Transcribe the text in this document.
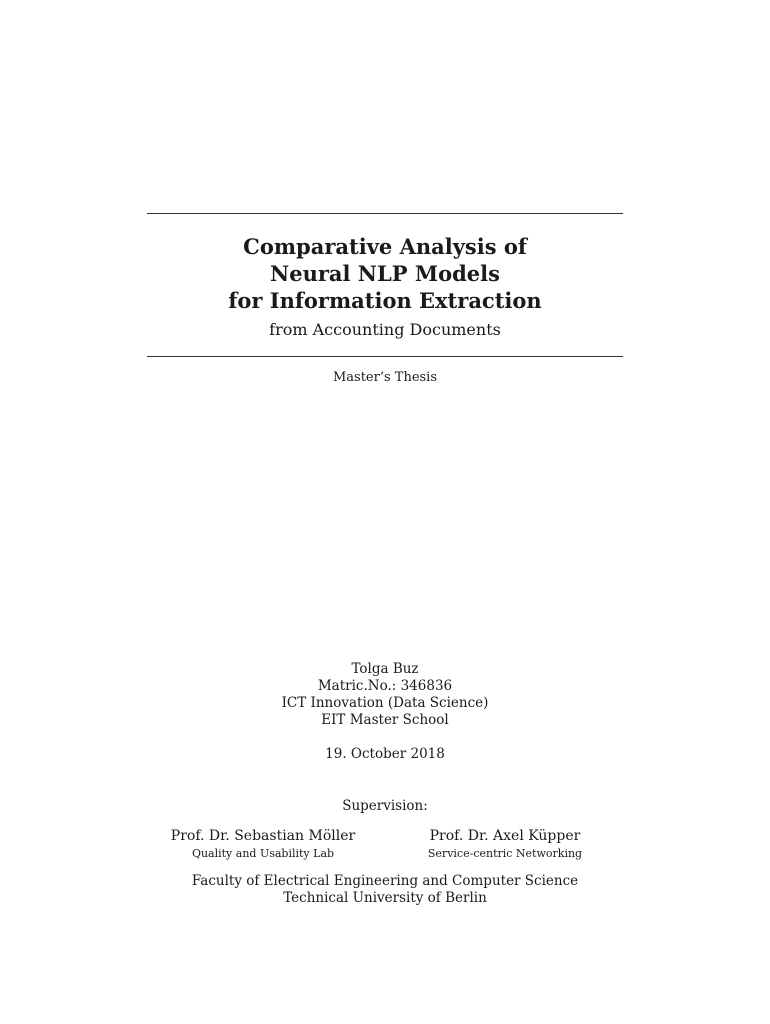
Comparative Analysis of
Neural NLP Models
for Information Extraction
from Accounting Documents
Master’s Thesis
Tolga Buz
Matric.No.: 346836
ICT Innovation (Data Science)
EIT Master School
19. October 2018
Supervision:
Prof. Dr. Sebastian Möller
Quality and Usability Lab
Prof. Dr. Axel Küpper
Service-centric Networking
Faculty of Electrical Engineering and Computer Science
Technical University of Berlin
